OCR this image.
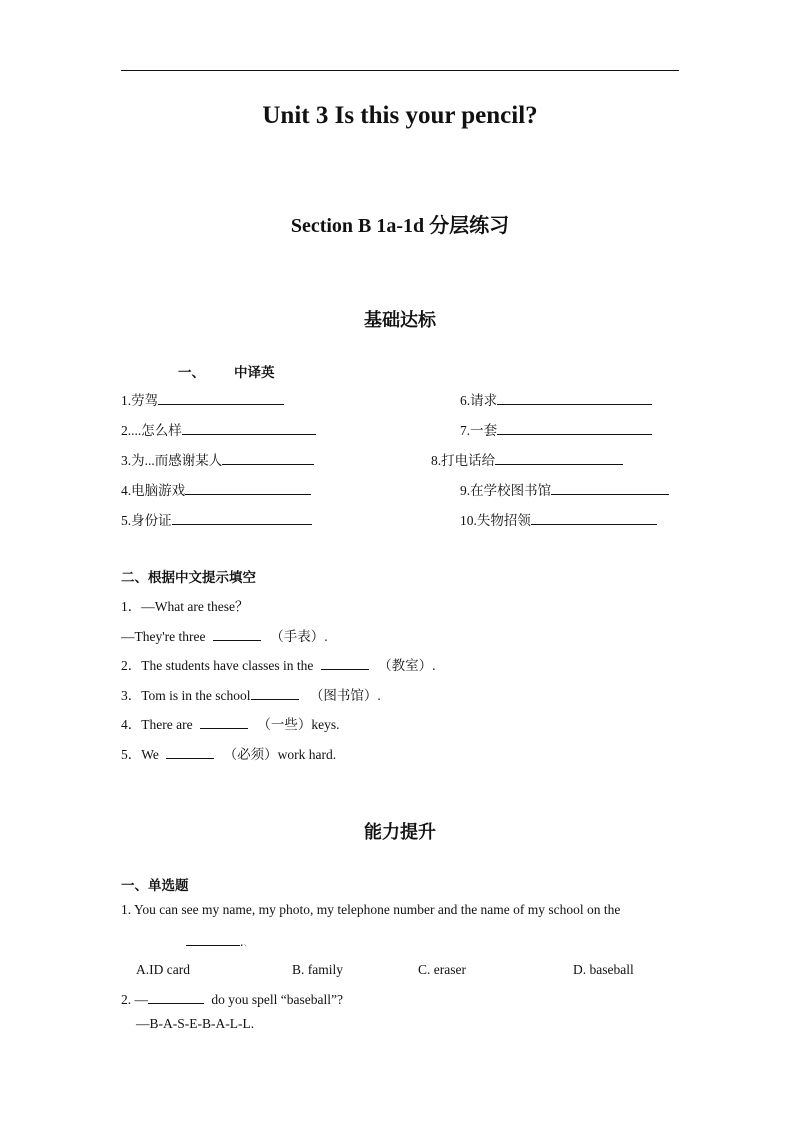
Unit 3 Is this your pencil?
Section B 1a-1d 分层练习
基础达标
一、 中译英
1.劳驾
2....怎么样
3.为...而感谢某人
4.电脑游戏
5.身份证
6.请求
7.一套
8.打电话给
9.在学校图书馆
10.失物招领
二、根据中文提示填空
1．—What are these？
—They're three	（手表）.
2．The students have classes in the	（教室）.
3．Tom is in the school	（图书馆）.
4．There are	（一些）keys.
5．We	（必须）work hard.
能力提升
一、单选题
1. You can see my name, my photo, my telephone number and the name of my school on the
.、
A.ID card	B. family	C. eraser	D. baseball
2. —	do you spell “baseball”?
—B-A-S-E-B-A-L-L.
